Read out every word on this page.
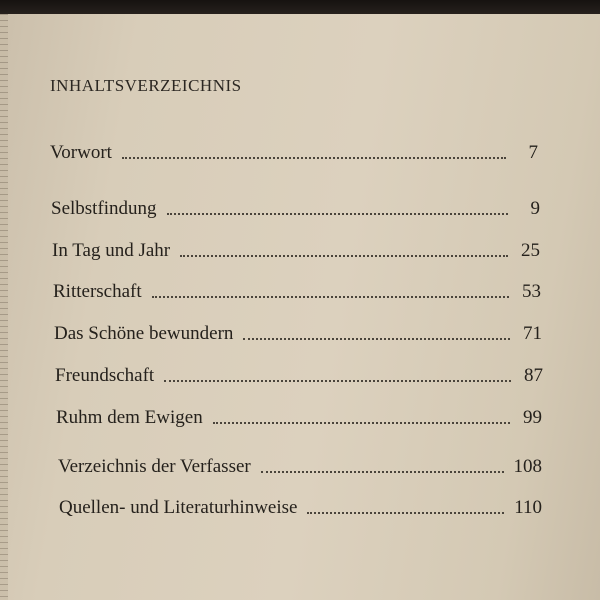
INHALTSVERZEICHNIS
Vorwort	7
Selbstfindung	9
In Tag und Jahr	25
Ritterschaft	53
Das Schöne bewundern	71
Freundschaft	87
Ruhm dem Ewigen	99
Verzeichnis der Verfasser	108
Quellen- und Literaturhinweise	110
